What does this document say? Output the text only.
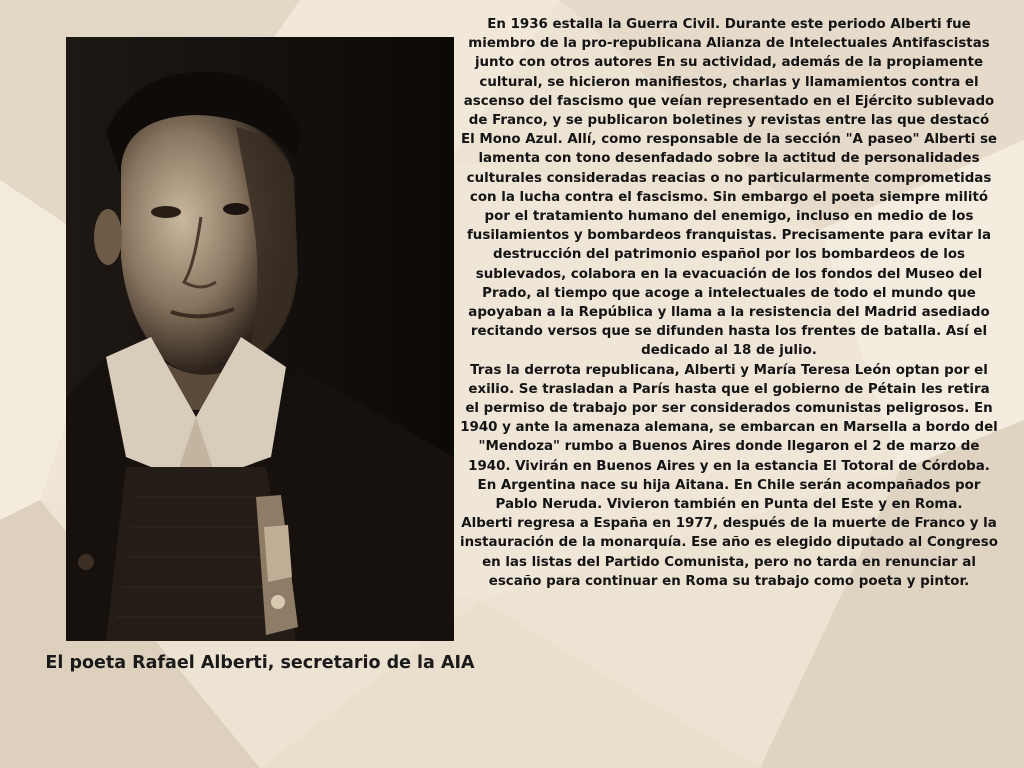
El poeta Rafael Alberti, secretario de la AIA

En 1936 estalla la Guerra Civil. Durante este periodo Alberti fue miembro de la pro-republicana Alianza de Intelectuales Antifascistas junto con otros autores En su actividad, además de la propiamente cultural, se hicieron manifiestos, charlas y llamamientos contra el ascenso del fascismo que veían representado en el Ejército sublevado de Franco, y se publicaron boletines y revistas entre las que destacó El Mono Azul. Allí, como responsable de la sección "A paseo" Alberti se lamenta con tono desenfadado sobre la actitud de personalidades culturales consideradas reacias o no particularmente comprometidas con la lucha contra el fascismo. Sin embargo el poeta siempre militó por el tratamiento humano del enemigo, incluso en medio de los fusilamientos y bombardeos franquistas. Precisamente para evitar la destrucción del patrimonio español por los bombardeos de los sublevados, colabora en la evacuación de los fondos del Museo del Prado, al tiempo que acoge a intelectuales de todo el mundo que apoyaban a la República y llama a la resistencia del Madrid asediado recitando versos que se difunden hasta los frentes de batalla. Así el dedicado al 18 de julio.

Tras la derrota republicana, Alberti y María Teresa León optan por el exilio. Se trasladan a París hasta que el gobierno de Pétain les retira el permiso de trabajo por ser considerados comunistas peligrosos. En 1940 y ante la amenaza alemana, se embarcan en Marsella a bordo del "Mendoza" rumbo a Buenos Aires donde llegaron el 2 de marzo de 1940. Vivirán en Buenos Aires y en la estancia El Totoral de Córdoba. En Argentina nace su hija Aitana. En Chile serán acompañados por Pablo Neruda. Vivieron también en Punta del Este y en Roma.

Alberti regresa a España en 1977, después de la muerte de Franco y la instauración de la monarquía. Ese año es elegido diputado al Congreso en las listas del Partido Comunista, pero no tarda en renunciar al escaño para continuar en Roma su trabajo como poeta y pintor.
